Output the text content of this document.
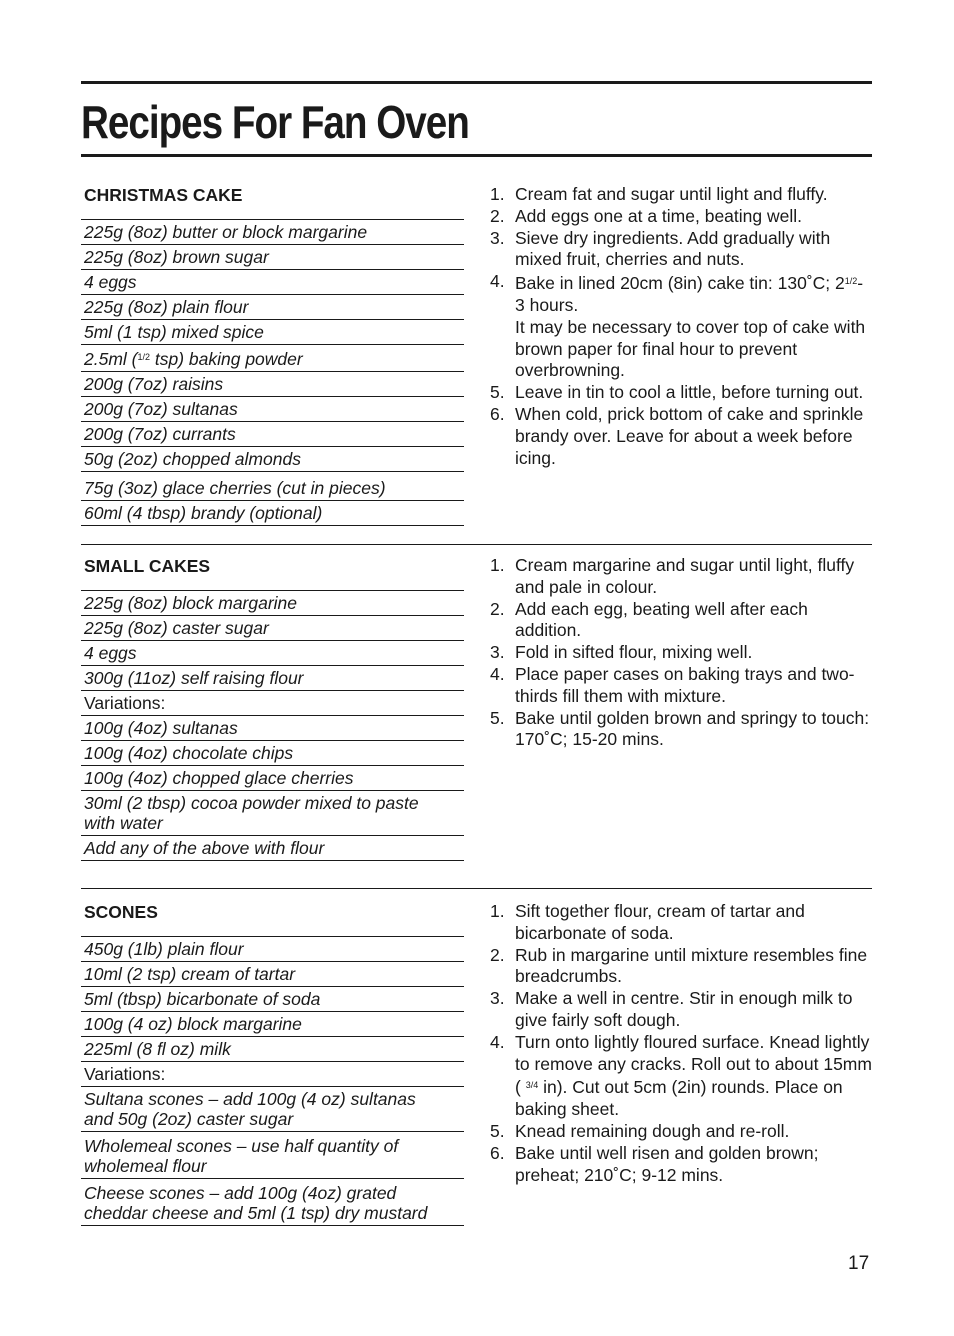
Recipes For Fan Oven
CHRISTMAS CAKE
225g (8oz) butter or block margarine
225g (8oz) brown sugar
4 eggs
225g (8oz) plain flour
5ml (1 tsp) mixed spice
2.5ml ($^{1/2}$ tsp) baking powder
200g (7oz) raisins
200g (7oz) sultanas
200g (7oz) currants
50g (2oz) chopped almonds
75g (3oz) glace cherries (cut in pieces)
60ml (4 tbsp) brandy (optional)
1. Cream fat and sugar until light and fluffy.
2. Add eggs one at a time, beating well.
3. Sieve dry ingredients. Add gradually with mixed fruit, cherries and nuts.
4. Bake in lined 20cm (8in) cake tin: 130˚C; $2^{1/2}-3$ hours.
It may be necessary to cover top of cake with brown paper for final hour to prevent overbrowning.
5. Leave in tin to cool a little, before turning out.
6. When cold, prick bottom of cake and sprinkle brandy over. Leave for about a week before icing.
SMALL CAKES
225g (8oz) block margarine
225g (8oz) caster sugar
4 eggs
300g (11oz) self raising flour
Variations:
100g (4oz) sultanas
100g (4oz) chocolate chips
100g (4oz) chopped glace cherries
30ml (2 tbsp) cocoa powder mixed to paste with water
Add any of the above with flour
1. Cream margarine and sugar until light, fluffy and pale in colour.
2. Add each egg, beating well after each addition.
3. Fold in sifted flour, mixing well.
4. Place paper cases on baking trays and two-thirds fill them with mixture.
5. Bake until golden brown and springy to touch: 170˚C; 15-20 mins.
SCONES
450g (1lb) plain flour
10ml (2 tsp) cream of tartar
5ml (tbsp) bicarbonate of soda
100g (4 oz) block margarine
225ml (8 fl oz) milk
Variations:
Sultana scones – add 100g (4 oz) sultanas and 50g (2oz) caster sugar
Wholemeal scones – use half quantity of wholemeal flour
Cheese scones – add 100g (4oz) grated cheddar cheese and 5ml (1 tsp) dry mustard
1. Sift together flour, cream of tartar and bicarbonate of soda.
2. Rub in margarine until mixture resembles fine breadcrumbs.
3. Make a well in centre. Stir in enough milk to give fairly soft dough.
4. Turn onto lightly floured surface. Knead lightly to remove any cracks. Roll out to about 15mm ( $^{3/4}$ in). Cut out 5cm (2in) rounds. Place on baking sheet.
5. Knead remaining dough and re-roll.
6. Bake until well risen and golden brown; preheat; 210˚C; 9-12 mins.
17
